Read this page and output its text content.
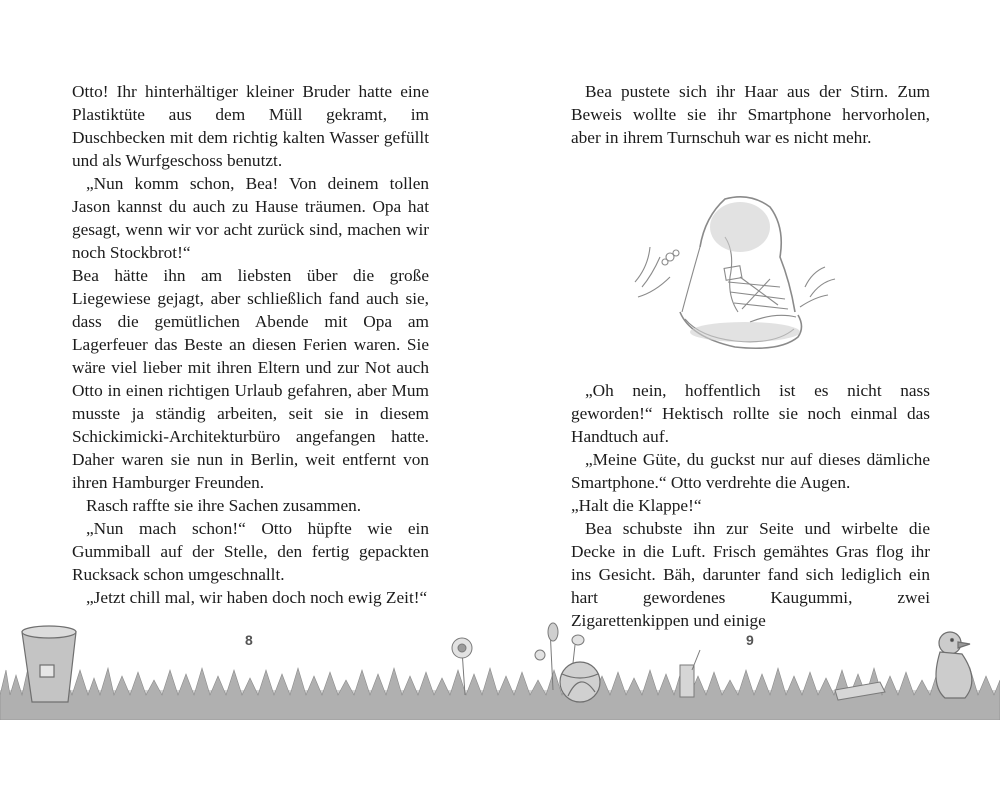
Otto! Ihr hinterhältiger kleiner Bruder hatte eine Plastiktüte aus dem Müll gekramt, im Duschbecken mit dem richtig kalten Wasser gefüllt und als Wurfgeschoss benutzt.

„Nun komm schon, Bea! Von deinem tollen Jason kannst du auch zu Hause träumen. Opa hat gesagt, wenn wir vor acht zurück sind, machen wir noch Stockbrot!“

Bea hätte ihn am liebsten über die große Liegewiese gejagt, aber schließlich fand auch sie, dass die gemütlichen Abende mit Opa am Lagerfeuer das Beste an diesen Ferien waren. Sie wäre viel lieber mit ihren Eltern und zur Not auch Otto in einen richtigen Urlaub gefahren, aber Mum musste ja ständig arbeiten, seit sie in diesem Schickimicki-Architekturbüro angefangen hatte. Daher waren sie nun in Berlin, weit entfernt von ihren Hamburger Freunden.

Rasch raffte sie ihre Sachen zusammen.

„Nun mach schon!“ Otto hüpfte wie ein Gummiball auf der Stelle, den fertig gepackten Rucksack schon umgeschnallt.

„Jetzt chill mal, wir haben doch noch ewig Zeit!“

8

Bea pustete sich ihr Haar aus der Stirn. Zum Beweis wollte sie ihr Smartphone hervorholen, aber in ihrem Turnschuh war es nicht mehr.

„Oh nein, hoffentlich ist es nicht nass geworden!“ Hektisch rollte sie noch einmal das Handtuch auf.

„Meine Güte, du guckst nur auf dieses dämliche Smartphone.“ Otto verdrehte die Augen.

„Halt die Klappe!“

Bea schubste ihn zur Seite und wirbelte die Decke in die Luft. Frisch gemähtes Gras flog ihr ins Gesicht. Bäh, darunter fand sich lediglich ein hart gewordenes Kaugummi, zwei Zigarettenkippen und einige

9
